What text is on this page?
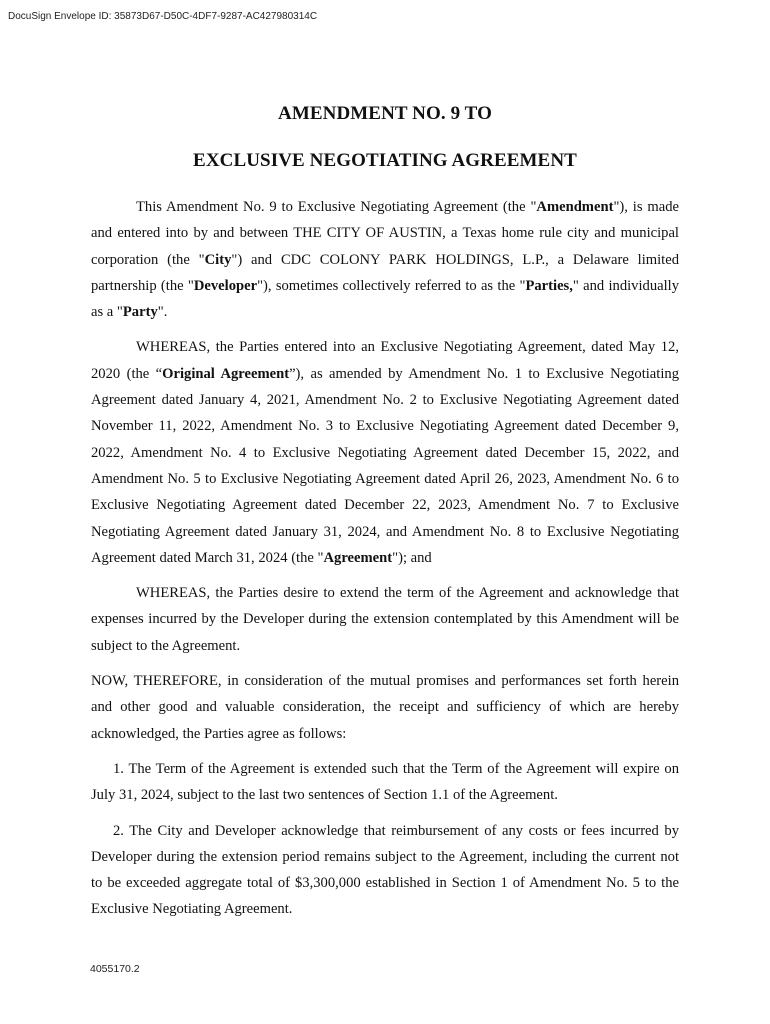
DocuSign Envelope ID: 35873D67-D50C-4DF7-9287-AC427980314C
AMENDMENT NO. 9 TO
EXCLUSIVE NEGOTIATING AGREEMENT

This Amendment No. 9 to Exclusive Negotiating Agreement (the "Amendment"), is made and entered into by and between THE CITY OF AUSTIN, a Texas home rule city and municipal corporation (the "City") and CDC COLONY PARK HOLDINGS, L.P., a Delaware limited partnership (the "Developer"), sometimes collectively referred to as the "Parties," and individually as a "Party".

WHEREAS, the Parties entered into an Exclusive Negotiating Agreement, dated May 12, 2020 (the “Original Agreement”), as amended by Amendment No. 1 to Exclusive Negotiating Agreement dated January 4, 2021, Amendment No. 2 to Exclusive Negotiating Agreement dated November 11, 2022, Amendment No. 3 to Exclusive Negotiating Agreement dated December 9, 2022, Amendment No. 4 to Exclusive Negotiating Agreement dated December 15, 2022, and Amendment No. 5 to Exclusive Negotiating Agreement dated April 26, 2023, Amendment No. 6 to Exclusive Negotiating Agreement dated December 22, 2023, Amendment No. 7 to Exclusive Negotiating Agreement dated January 31, 2024, and Amendment No. 8 to Exclusive Negotiating Agreement dated March 31, 2024 (the "Agreement"); and

WHEREAS, the Parties desire to extend the term of the Agreement and acknowledge that expenses incurred by the Developer during the extension contemplated by this Amendment will be subject to the Agreement.

NOW, THEREFORE, in consideration of the mutual promises and performances set forth herein and other good and valuable consideration, the receipt and sufficiency of which are hereby acknowledged, the Parties agree as follows:

1. The Term of the Agreement is extended such that the Term of the Agreement will expire on July 31, 2024, subject to the last two sentences of Section 1.1 of the Agreement.

2. The City and Developer acknowledge that reimbursement of any costs or fees incurred by Developer during the extension period remains subject to the Agreement, including the current not to be exceeded aggregate total of $3,300,000 established in Section 1 of Amendment No. 5 to the Exclusive Negotiating Agreement.

4055170.2
